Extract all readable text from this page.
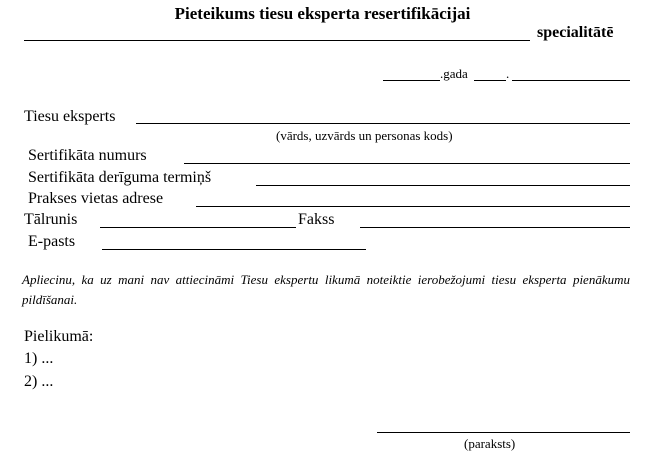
Pieteikums tiesu eksperta resertifikācijai
specialitātē
.gada	.
Tiesu eksperts
(vārds, uzvārds un personas kods)
Sertifikāta numurs
Sertifikāta derīguma termiņš
Prakses vietas adrese
Tālrunis	Fakss
E-pasts
Apliecinu, ka uz mani nav attiecināmi Tiesu ekspertu likumā noteiktie ierobežojumi tiesu eksperta pienākumu pildīšanai.
Pielikumā:
1) ...
2) ...
(paraksts)
